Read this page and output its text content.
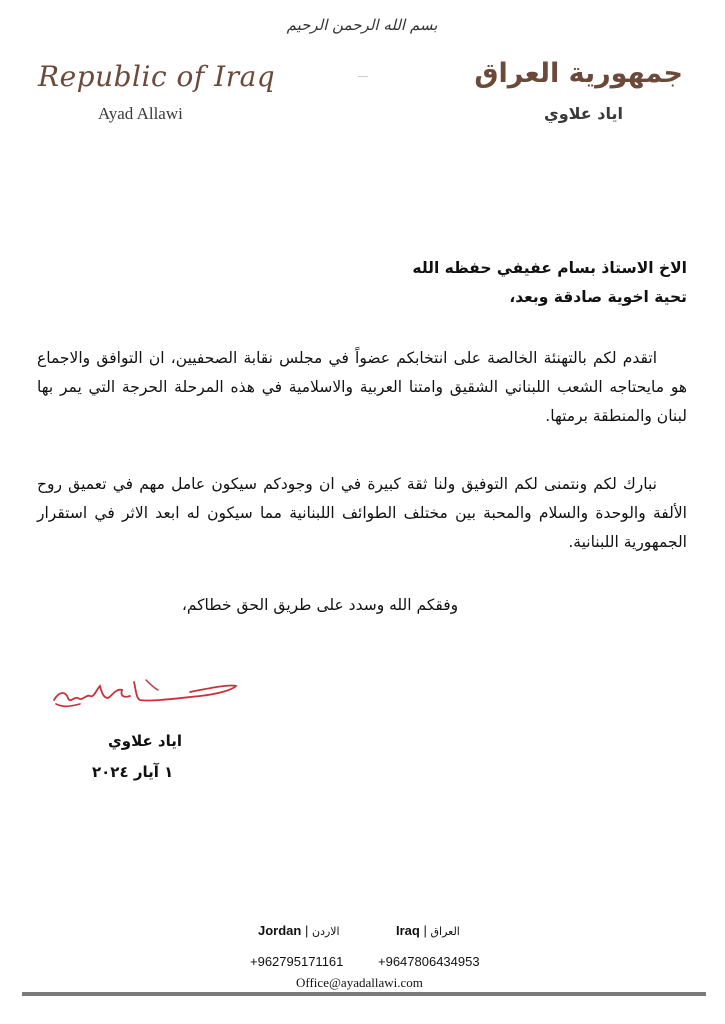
بسم الله الرحمن الرحيم
Republic of Iraq
Ayad Allawi
جمهورية العراق
اياد علاوي
الاخ الاستاذ بسام عفيفي حفظه الله
تحية اخوية صادقة وبعد،
اتقدم لكم بالتهنئة الخالصة على انتخابكم عضواً في مجلس نقابة الصحفيين، ان التوافق والاجماع هو مايحتاجه الشعب اللبناني الشقيق وامتنا العربية والاسلامية في هذه المرحلة الحرجة التي يمر بها لبنان والمنطقة برمتها.
نبارك لكم ونتمنى لكم التوفيق ولنا ثقة كبيرة في ان وجودكم سيكون عامل مهم في تعميق روح الألفة والوحدة والسلام والمحبة بين مختلف الطوائف اللبنانية مما سيكون له ابعد الاثر في استقرار الجمهورية اللبنانية.
وفقكم الله وسدد على طريق الحق خطاكم،
اياد علاوي
١ آيار ٢٠٢٤
Jordan | الاردن	Iraq | العراق
+962795171161	+9647806434953
Office@ayadallawi.com
